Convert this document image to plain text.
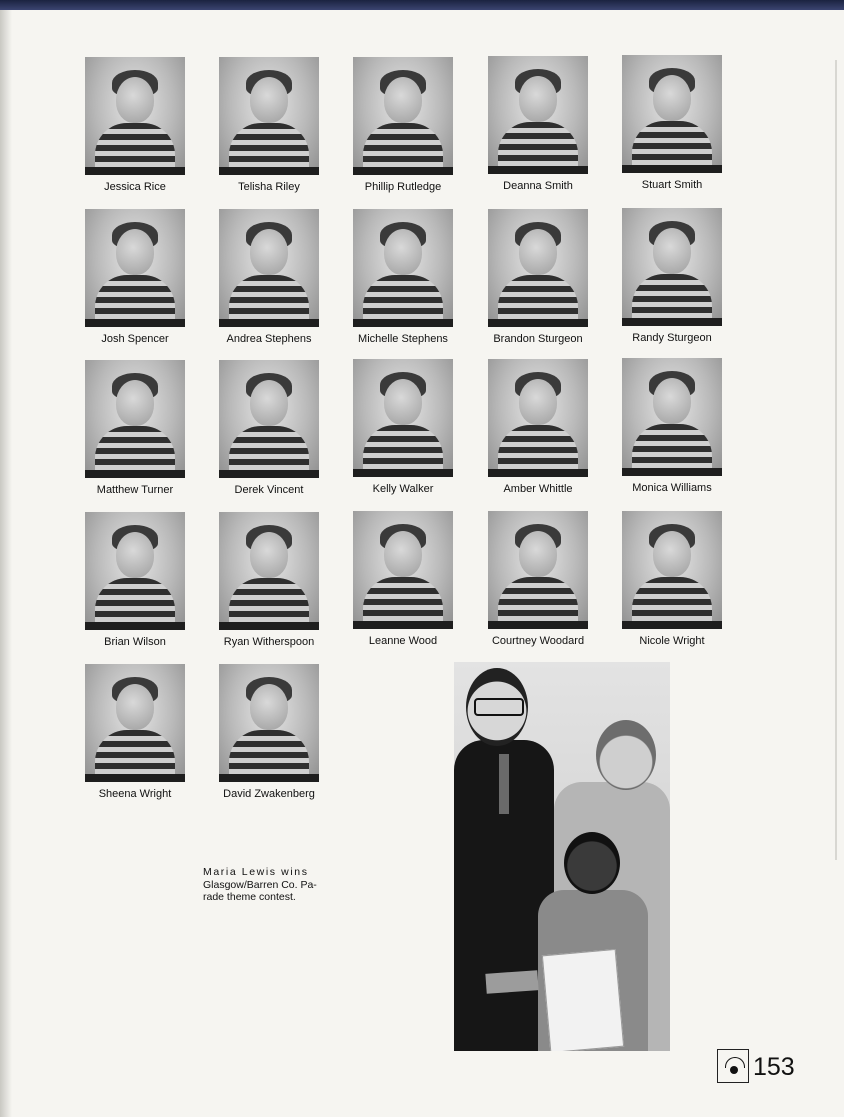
Jessica Rice	Telisha Riley	Phillip Rutledge	Deanna Smith	Stuart Smith
Josh Spencer	Andrea Stephens	Michelle Stephens	Brandon Sturgeon	Randy Sturgeon
Matthew Turner	Derek Vincent	Kelly Walker	Amber Whittle	Monica Williams
Brian Wilson	Ryan Witherspoon	Leanne Wood	Courtney Woodard	Nicole Wright
Sheena Wright	David Zwakenberg
Maria Lewis wins
Glasgow/Barren Co. Pa-
rade theme contest.
153
